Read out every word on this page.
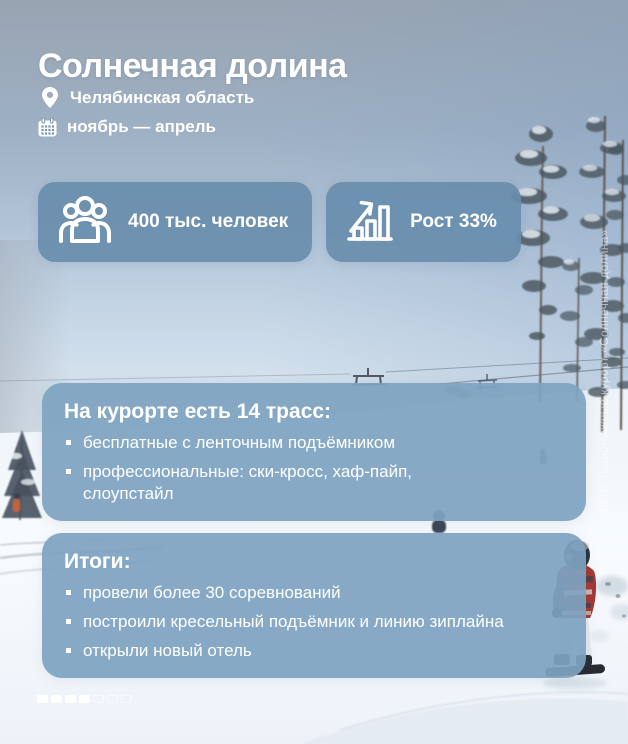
фото: горнолыжный курорт «Солнечная долина»
Солнечная долина
Челябинская область
ноябрь — апрель
400 тыс. человек	Рост 33%
На курорте есть 14 трасс:
бесплатные с ленточным подъёмником
профессиональные: ски-кросс, хаф-пайп, слоупстайл
Итоги:
провели более 30 соревнований
построили кресельный подъёмник и линию зиплайна
открыли новый отель
